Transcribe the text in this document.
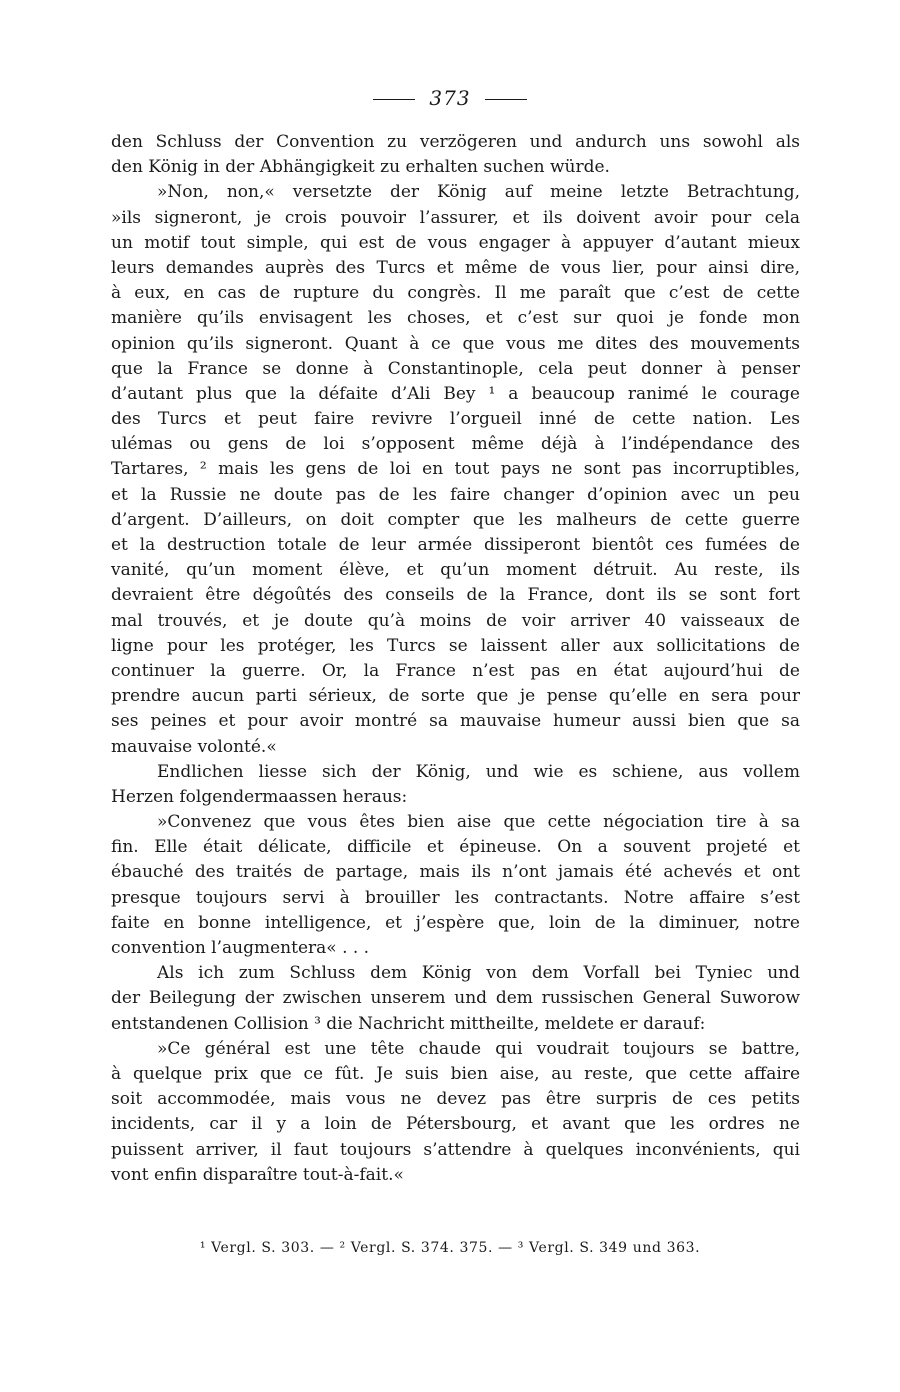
373
den Schluss der Convention zu verzögeren und andurch uns sowohl als
den König in der Abhängigkeit zu erhalten suchen würde.
»Non, non,« versetzte der König auf meine letzte Betrachtung,
»ils signeront, je crois pouvoir l’assurer, et ils doivent avoir pour cela
un motif tout simple, qui est de vous engager à appuyer d’autant mieux
leurs demandes auprès des Turcs et même de vous lier, pour ainsi dire,
à eux, en cas de rupture du congrès. Il me paraît que c’est de cette
manière qu’ils envisagent les choses, et c’est sur quoi je fonde mon
opinion qu’ils signeront. Quant à ce que vous me dites des mouvements
que la France se donne à Constantinople, cela peut donner à penser
d’autant plus que la défaite d’Ali Bey ¹ a beaucoup ranimé le courage
des Turcs et peut faire revivre l’orgueil inné de cette nation. Les
ulémas ou gens de loi s’opposent même déjà à l’indépendance des
Tartares, ² mais les gens de loi en tout pays ne sont pas incorruptibles,
et la Russie ne doute pas de les faire changer d’opinion avec un peu
d’argent. D’ailleurs, on doit compter que les malheurs de cette guerre
et la destruction totale de leur armée dissiperont bientôt ces fumées de
vanité, qu’un moment élève, et qu’un moment détruit. Au reste, ils
devraient être dégoûtés des conseils de la France, dont ils se sont fort
mal trouvés, et je doute qu’à moins de voir arriver 40 vaisseaux de
ligne pour les protéger, les Turcs se laissent aller aux sollicitations de
continuer la guerre. Or, la France n’est pas en état aujourd’hui de
prendre aucun parti sérieux, de sorte que je pense qu’elle en sera pour
ses peines et pour avoir montré sa mauvaise humeur aussi bien que sa
mauvaise volonté.«
Endlichen liesse sich der König, und wie es schiene, aus vollem
Herzen folgendermaassen heraus:
»Convenez que vous êtes bien aise que cette négociation tire à sa
fin. Elle était délicate, difficile et épineuse. On a souvent projeté et
ébauché des traités de partage, mais ils n’ont jamais été achevés et ont
presque toujours servi à brouiller les contractants. Notre affaire s’est
faite en bonne intelligence, et j’espère que, loin de la diminuer, notre
convention l’augmentera« . . .
Als ich zum Schluss dem König von dem Vorfall bei Tyniec und
der Beilegung der zwischen unserem und dem russischen General Suworow
entstandenen Collision ³ die Nachricht mittheilte, meldete er darauf:
»Ce général est une tête chaude qui voudrait toujours se battre,
à quelque prix que ce fût. Je suis bien aise, au reste, que cette affaire
soit accommodée, mais vous ne devez pas être surpris de ces petits
incidents, car il y a loin de Pétersbourg, et avant que les ordres ne
puissent arriver, il faut toujours s’attendre à quelques inconvénients, qui
vont enfin disparaître tout-à-fait.«
¹ Vergl. S. 303. — ² Vergl. S. 374. 375. — ³ Vergl. S. 349 und 363.
